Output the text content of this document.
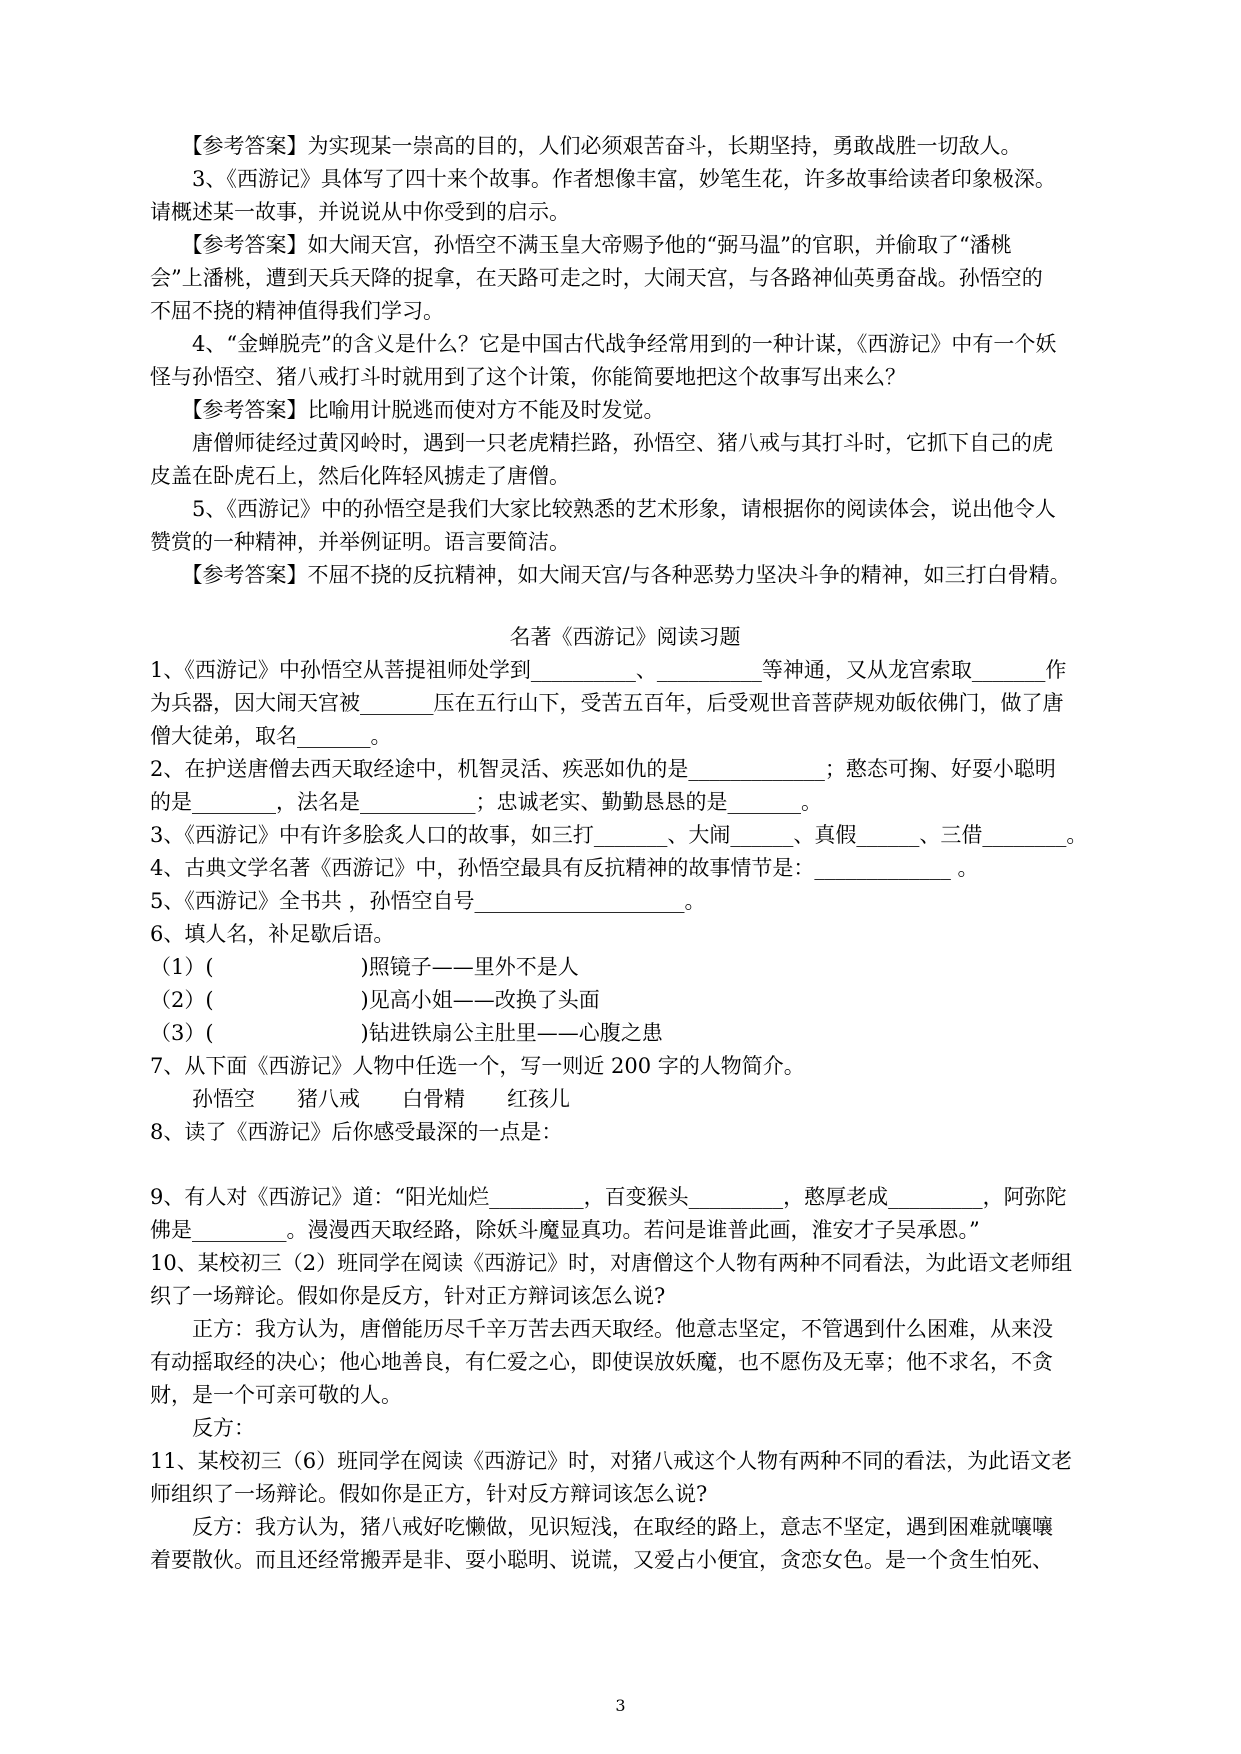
　　【参考答案】为实现某一崇高的目的，人们必须艰苦奋斗，长期坚持，勇敢战胜一切敌人。
　　3、《西游记》具体写了四十来个故事。作者想像丰富，妙笔生花，许多故事给读者印象极深。
请概述某一故事，并说说从中你受到的启示。
　　【参考答案】如大闹天宫，孙悟空不满玉皇大帝赐予他的“弼马温”的官职，并偷取了“潘桃
会”上潘桃，遭到天兵天降的捉拿，在天路可走之时，大闹天宫，与各路神仙英勇奋战。孙悟空的
不屈不挠的精神值得我们学习。
　　4、“金蝉脱壳”的含义是什么？它是中国古代战争经常用到的一种计谋，《西游记》中有一个妖
怪与孙悟空、猪八戒打斗时就用到了这个计策，你能简要地把这个故事写出来么？
　　【参考答案】比喻用计脱逃而使对方不能及时发觉。
　　唐僧师徒经过黄冈岭时，遇到一只老虎精拦路，孙悟空、猪八戒与其打斗时，它抓下自己的虎
皮盖在卧虎石上，然后化阵轻风掳走了唐僧。
　　5、《西游记》中的孙悟空是我们大家比较熟悉的艺术形象，请根据你的阅读体会，说出他令人
赞赏的一种精神，并举例证明。语言要简洁。
　　【参考答案】不屈不挠的反抗精神，如大闹天宫/与各种恶势力坚决斗争的精神，如三打白骨精。
名著《西游记》阅读习题
1、《西游记》中孙悟空从菩提祖师处学到__________、__________等神通，又从龙宫索取_______作
为兵器，因大闹天宫被_______压在五行山下，受苦五百年，后受观世音菩萨规劝皈依佛门，做了唐
僧大徒弟，取名_______。
2、在护送唐僧去西天取经途中，机智灵活、疾恶如仇的是_____________；憨态可掬、好耍小聪明
的是________，法名是___________；忠诚老实、勤勤恳恳的是_______。
3、《西游记》中有许多脍炙人口的故事，如三打_______、大闹______、真假______、三借________。
4、古典文学名著《西游记》中，孙悟空最具有反抗精神的故事情节是：_____________ 。
5、《西游记》全书共 ，孙悟空自号____________________。
6、填人名，补足歇后语。
（1）(　　　　　　　)照镜子——里外不是人
（2）(　　　　　　　)见高小姐——改换了头面
（3）(　　　　　　　)钻进铁扇公主肚里——心腹之患
7、从下面《西游记》人物中任选一个，写一则近 200 字的人物简介。
　　孙悟空　　猪八戒　　白骨精　　红孩儿
8、读了《西游记》后你感受最深的一点是：
9、有人对《西游记》道：“阳光灿烂_________，百变猴头_________，憨厚老成_________，阿弥陀
佛是_________。漫漫西天取经路，除妖斗魔显真功。若问是谁普此画，淮安才子吴承恩。”
10、某校初三（2）班同学在阅读《西游记》时，对唐僧这个人物有两种不同看法，为此语文老师组
织了一场辩论。假如你是反方，针对正方辩词该怎么说?
　　正方：我方认为，唐僧能历尽千辛万苦去西天取经。他意志坚定，不管遇到什么困难，从来没
有动摇取经的决心；他心地善良，有仁爱之心，即使误放妖魔，也不愿伤及无辜；他不求名，不贪
财，是一个可亲可敬的人。
　　反方：
11、某校初三（6）班同学在阅读《西游记》时，对猪八戒这个人物有两种不同的看法，为此语文老
师组织了一场辩论。假如你是正方，针对反方辩词该怎么说?
　　反方：我方认为，猪八戒好吃懒做，见识短浅，在取经的路上，意志不坚定，遇到困难就嚷嚷
着要散伙。而且还经常搬弄是非、耍小聪明、说谎，又爱占小便宜，贪恋女色。是一个贪生怕死、
3
